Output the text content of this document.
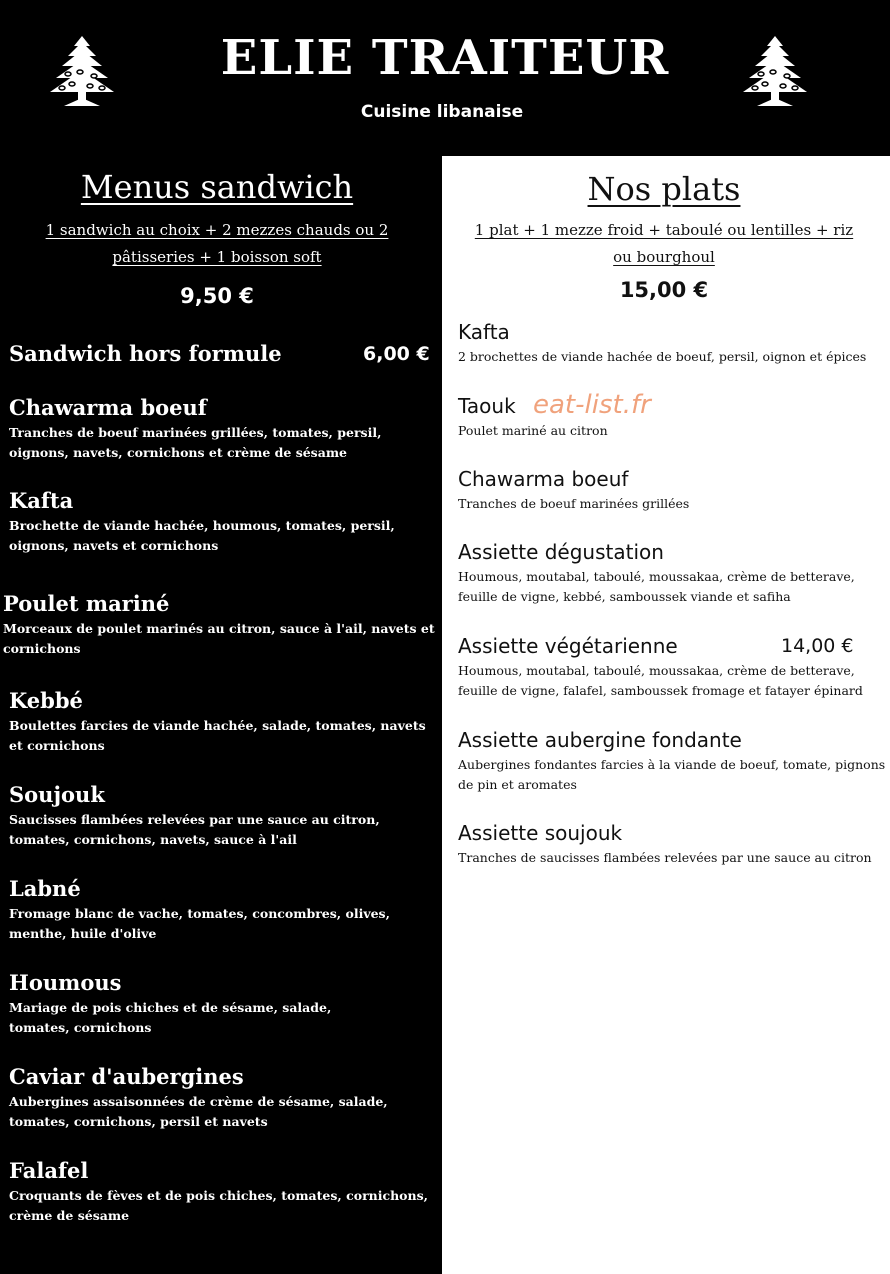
ELIE TRAITEUR
Cuisine libanaise
Menus sandwich
1 sandwich au choix + 2 mezzes chauds ou 2
pâtisseries + 1 boisson soft
9,50 €
Sandwich hors formule	6,00 €
Chawarma boeuf
Tranches de boeuf marinées grillées, tomates, persil, oignons, navets, cornichons et crème de sésame
Kafta
Brochette de viande hachée, houmous, tomates, persil, oignons, navets et cornichons
Poulet mariné
Morceaux de poulet marinés au citron, sauce à l'ail, navets et cornichons
Kebbé
Boulettes farcies de viande hachée, salade, tomates, navets et cornichons
Soujouk
Saucisses flambées relevées par une sauce au citron, tomates, cornichons, navets, sauce à l'ail
Labné
Fromage blanc de vache, tomates, concombres, olives, menthe, huile d'olive
Houmous
Mariage de pois chiches et de sésame, salade, tomates, cornichons
Caviar d'aubergines
Aubergines assaisonnées de crème de sésame, salade, tomates, cornichons, persil et navets
Falafel
Croquants de fèves et de pois chiches, tomates, cornichons, crème de sésame
Nos plats
1 plat + 1 mezze froid + taboulé ou lentilles + riz
ou bourghoul
15,00 €
Kafta
2 brochettes de viande hachée de boeuf, persil, oignon et épices
Taouk
Poulet mariné au citron
Chawarma boeuf
Tranches de boeuf marinées grillées
Assiette dégustation
Houmous, moutabal, taboulé, moussakaa, crème de betterave, feuille de vigne, kebbé, samboussek viande et safiha
Assiette végétarienne
Houmous, moutabal, taboulé, moussakaa, crème de betterave, feuille de vigne, falafel, samboussek fromage et fatayer épinard
14,00 €
Assiette aubergine fondante
Aubergines fondantes farcies à la viande de boeuf, tomate, pignons de pin et aromates
Assiette soujouk
Tranches de saucisses flambées relevées par une sauce au citron
eat-list.fr
